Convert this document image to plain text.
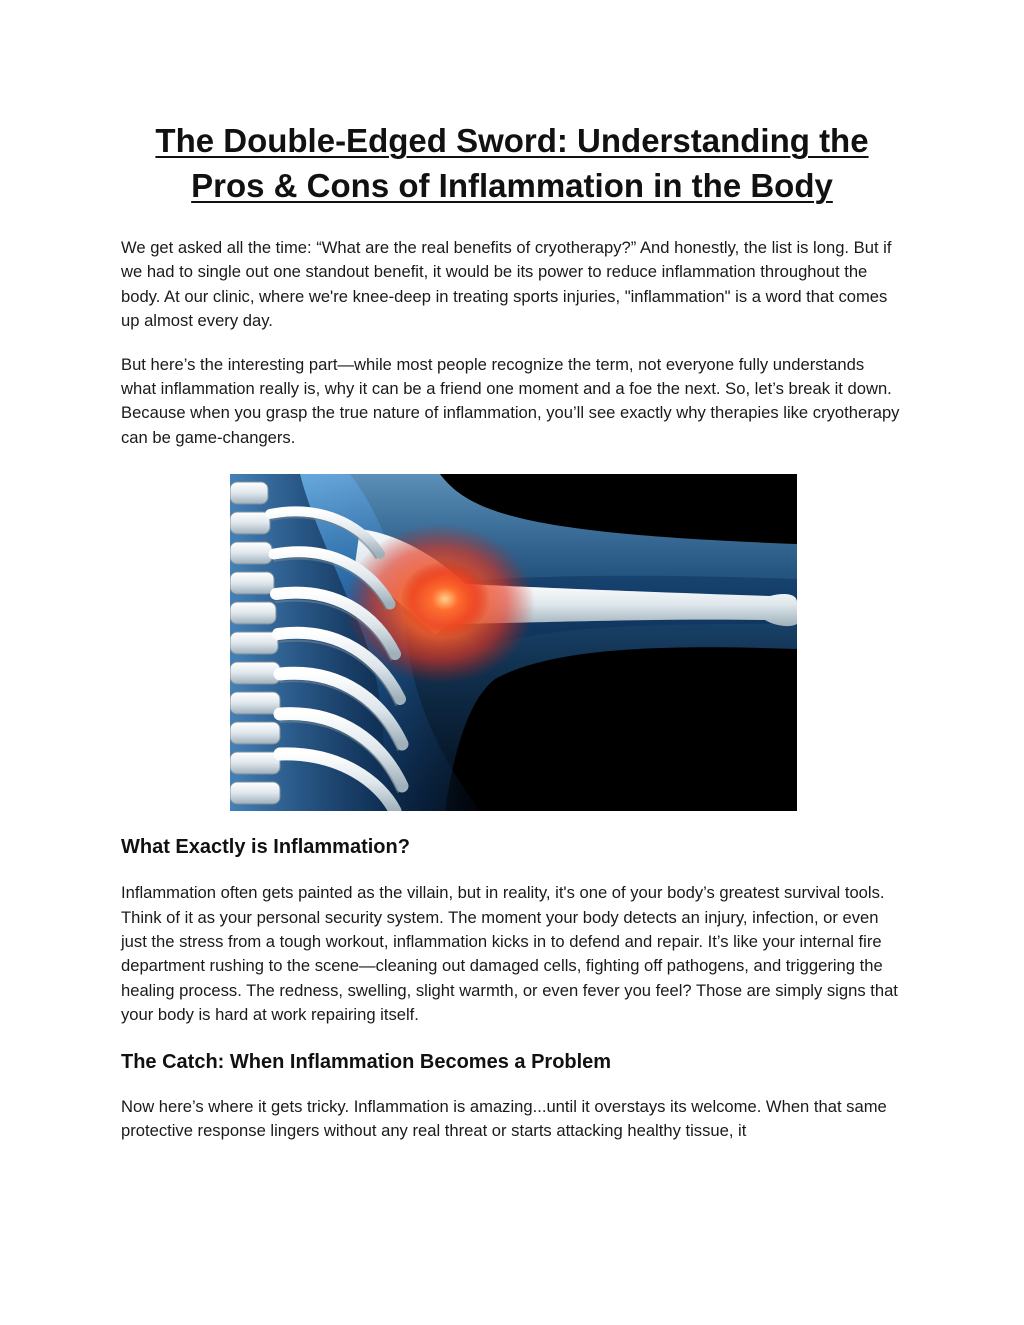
The Double-Edged Sword: Understanding the
Pros & Cons of Inflammation in the Body

We get asked all the time: “What are the real benefits of cryotherapy?” And honestly, the list is long. But if we had to single out one standout benefit, it would be its power to reduce inflammation throughout the body. At our clinic, where we're knee-deep in treating sports injuries, "inflammation" is a word that comes up almost every day.

But here’s the interesting part—while most people recognize the term, not everyone fully understands what inflammation really is, why it can be a friend one moment and a foe the next. So, let’s break it down. Because when you grasp the true nature of inflammation, you’ll see exactly why therapies like cryotherapy can be game-changers.

What Exactly is Inflammation?

Inflammation often gets painted as the villain, but in reality, it's one of your body’s greatest survival tools. Think of it as your personal security system. The moment your body detects an injury, infection, or even just the stress from a tough workout, inflammation kicks in to defend and repair. It’s like your internal fire department rushing to the scene—cleaning out damaged cells, fighting off pathogens, and triggering the healing process. The redness, swelling, slight warmth, or even fever you feel? Those are simply signs that your body is hard at work repairing itself.

The Catch: When Inflammation Becomes a Problem

Now here’s where it gets tricky. Inflammation is amazing...until it overstays its welcome. When that same protective response lingers without any real threat or starts attacking healthy tissue, it
